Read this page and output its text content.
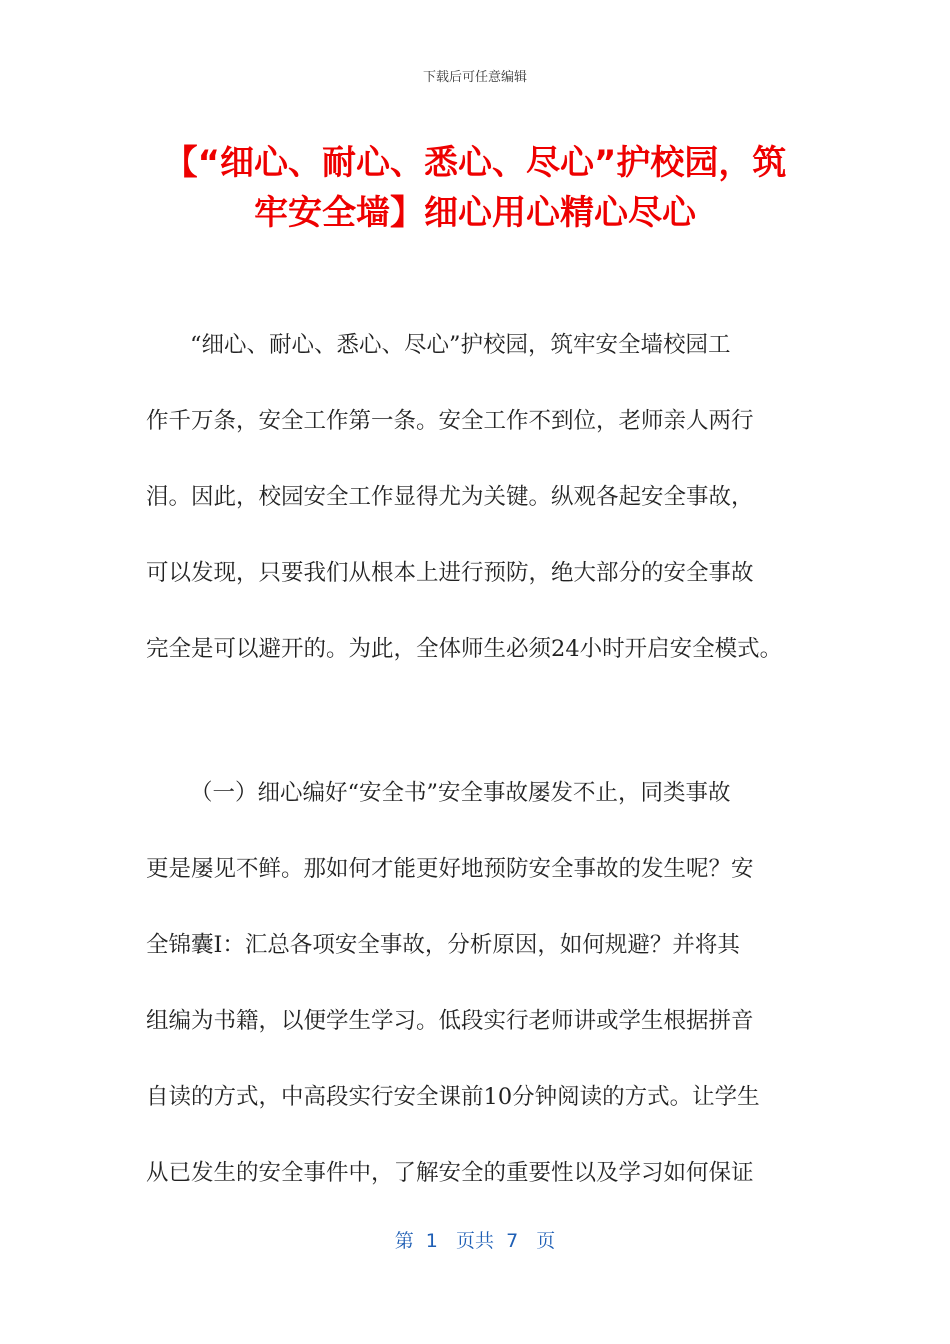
下载后可任意编辑
【“细心、耐心、悉心、尽心”护校园，筑
牢安全墙】细心用心精心尽心
“细心、耐心、悉心、尽心”护校园，筑牢安全墙校园工
作千万条，安全工作第一条。安全工作不到位，老师亲人两行
泪。因此，校园安全工作显得尤为关键。纵观各起安全事故，
可以发现，只要我们从根本上进行预防，绝大部分的安全事故
完全是可以避开的。为此，全体师生必须24小时开启安全模式。
（一）细心编好“安全书”安全事故屡发不止，同类事故
更是屡见不鲜。那如何才能更好地预防安全事故的发生呢？安
全锦囊I：汇总各项安全事故，分析原因，如何规避？并将其
组编为书籍，以便学生学习。低段实行老师讲或学生根据拼音
自读的方式，中高段实行安全课前10分钟阅读的方式。让学生
从已发生的安全事件中，了解安全的重要性以及学习如何保证
第  1   页共  7   页
